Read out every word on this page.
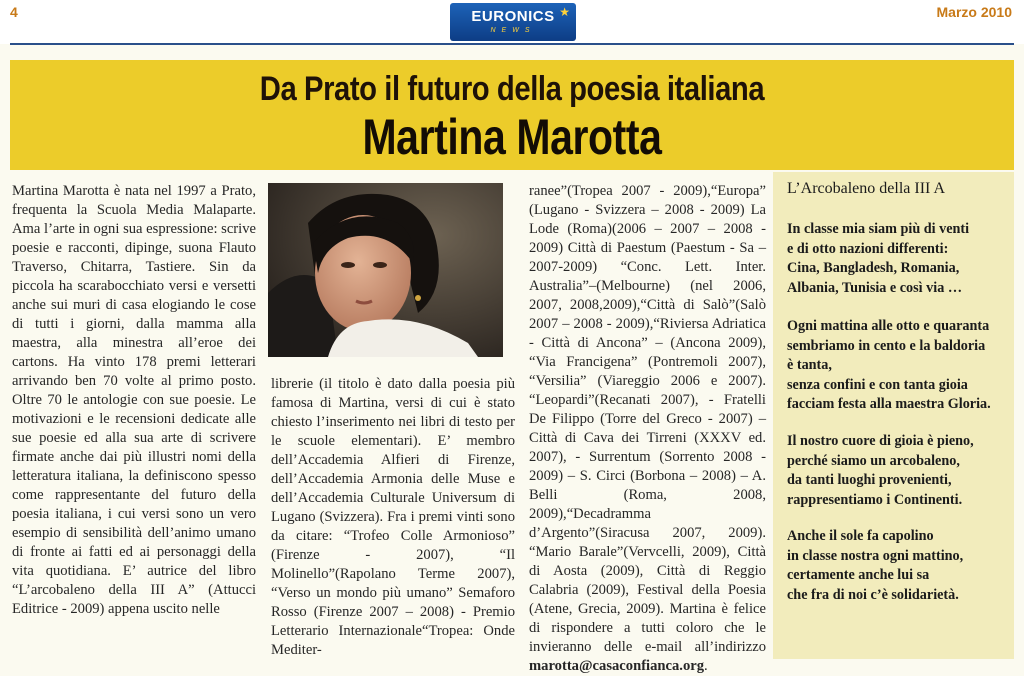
4	EURONICS
NEWS
★	Marzo 2010
Da Prato il futuro della poesia italiana
Martina Marotta
Martina Marotta è nata nel 1997 a Prato, frequenta la Scuola Media Malaparte. Ama l’arte in ogni sua espressione: scrive poesie e racconti, dipinge, suona Flauto Traverso, Chitarra, Tastiere. Sin da piccola ha scarabocchiato versi e versetti anche sui muri di casa elogiando le cose di tutti i giorni, dalla mamma alla maestra, alla minestra all’eroe dei cartons. Ha vinto 178 premi letterari arrivando ben 70 volte al primo posto. Oltre 70 le antologie con sue poesie. Le motivazioni e le recensioni dedicate alle sue poesie ed alla sua arte di scrivere firmate anche dai più illustri nomi della letteratura italiana, la definiscono spesso come rappresentante del futuro della poesia italiana, i cui versi sono un vero esempio di sensibilità dell’animo umano di fronte ai fatti ed ai personaggi della vita quotidiana. E’ autrice del libro “L’arcobaleno della III A” (Attucci Editrice - 2009) appena uscito nelle
librerie (il titolo è dato dalla poesia più famosa di Martina, versi di cui è stato chiesto l’inserimento nei libri di testo per le scuole elementari). E’ membro dell’Accademia Alfieri di Firenze, dell’Accademia Armonia delle Muse e dell’Accademia Culturale Universum di Lugano (Svizzera). Fra i premi vinti sono da citare: “Trofeo Colle Armonioso” (Firenze - 2007), “Il Molinello”(Rapolano Terme 2007), “Verso un mondo più umano” Semaforo Rosso (Firenze 2007 – 2008) - Premio Letterario Internazionale“Tropea: Onde Mediter-
ranee”(Tropea 2007 - 2009),“Europa” (Lugano - Svizzera – 2008 - 2009) La Lode (Roma)(2006 – 2007 – 2008 - 2009) Città di Paestum (Paestum - Sa –2007-2009) “Conc. Lett. Inter. Australia”–(Melbourne) (nel 2006, 2007, 2008,2009),“Città di Salò”(Salò 2007 – 2008 - 2009),“Riviersa Adriatica - Città di Ancona” – (Ancona 2009), “Via Francigena” (Pontremoli 2007), “Versilia” (Viareggio 2006 e 2007). “Leopardi”(Recanati 2007), - Fratelli De Filippo (Torre del Greco - 2007) – Città di Cava dei Tirreni (XXXV ed. 2007), - Surrentum (Sorrento 2008 - 2009) – S. Circi (Borbona – 2008) – A. Belli (Roma, 2008, 2009),“Decadramma d’Argento”(Siracusa 2007, 2009). “Mario Barale”(Vervcelli, 2009), Città di Aosta (2009), Città di Reggio Calabria (2009), Festival della Poesia (Atene, Grecia, 2009). Martina è felice di rispondere a tutti coloro che le invieranno delle e-mail all’indirizzo marotta@casaconfianca.org.
L’Arcobaleno della III A
In classe mia siam più di venti
e di otto nazioni differenti:
Cina, Bangladesh, Romania,
Albania, Tunisia e così via …
Ogni mattina alle otto e quaranta
sembriamo in cento e la baldoria
è tanta,
senza confini e con tanta gioia
facciam festa alla maestra Gloria.
Il nostro cuore di gioia è pieno,
perché siamo un arcobaleno,
da tanti luoghi provenienti,
rappresentiamo i Continenti.
Anche il sole fa capolino
in classe nostra ogni mattino,
certamente anche lui sa
che fra di noi c’è solidarietà.
